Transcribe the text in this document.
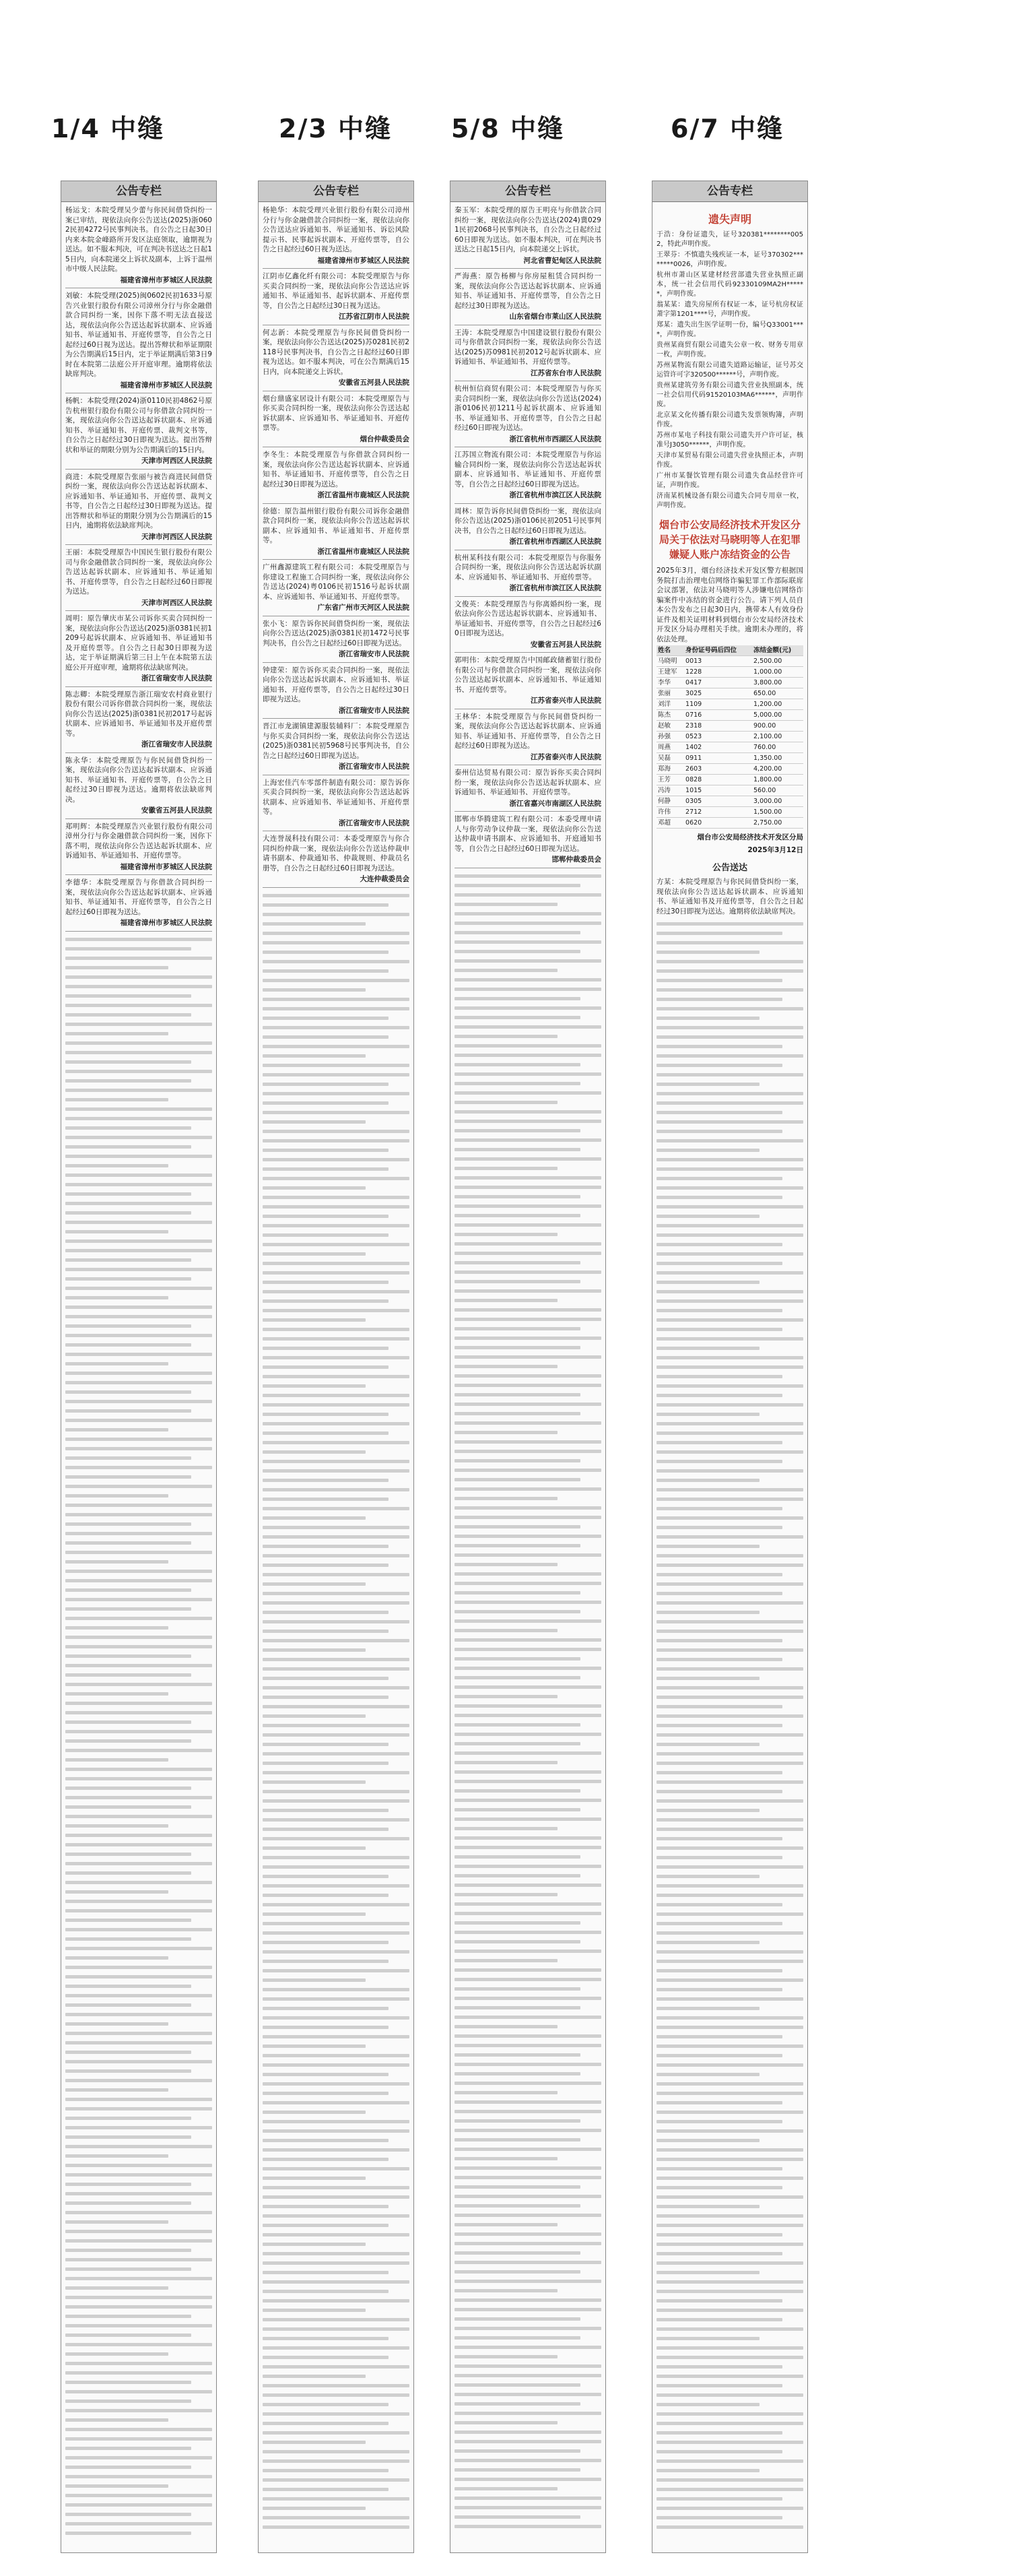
1/4 中缝	2/3 中缝	5/8 中缝	6/7 中缝
公告专栏
杨运戈：本院受理吴少蕾与你民间借贷纠纷一案已审结，现依法向你公告送达(2025)浙0602民初4272号民事判决书。自公告之日起30日内来本院金峰路所开发区法庭领取，逾期视为送达。如不服本判决，可在判决书送达之日起15日内，向本院递交上诉状及副本，上诉于温州市中级人民法院。
福建省漳州市芗城区人民法院
刘敏：本院受理(2025)闽0602民初1633号原告兴业银行股份有限公司漳州分行与你金融借款合同纠纷一案，因你下落不明无法直接送达，现依法向你公告送达起诉状副本、应诉通知书、举证通知书、开庭传票等，自公告之日起经过60日视为送达。提出答辩状和举证期限为公告期满后15日内，定于举证期满后第3日9时在本院第二法庭公开开庭审理。逾期将依法缺席判决。
福建省漳州市芗城区人民法院
杨帆：本院受理(2024)浙0110民初4862号原告杭州银行股份有限公司与你借款合同纠纷一案，现依法向你公告送达起诉状副本、应诉通知书、举证通知书、开庭传票、裁判文书等，自公告之日起经过30日即视为送达。提出答辩状和举证的期限分别为公告期满后的15日内。
天津市河西区人民法院
商进：本院受理原告张丽与被告商进民间借贷纠纷一案，现依法向你公告送达起诉状副本、应诉通知书、举证通知书、开庭传票、裁判文书等，自公告之日起经过30日即视为送达。提出答辩状和举证的期限分别为公告期满后的15日内，逾期将依法缺席判决。
天津市河西区人民法院
王丽：本院受理原告中国民生银行股份有限公司与你金融借款合同纠纷一案，现依法向你公告送达起诉状副本、应诉通知书、举证通知书、开庭传票等，自公告之日起经过60日即视为送达。
天津市河西区人民法院
周明：原告肇庆市某公司诉你买卖合同纠纷一案，现依法向你公告送达(2025)浙0381民初1209号起诉状副本、应诉通知书、举证通知书及开庭传票等。自公告之日起30日即视为送达，定于举证期满后第三日上午在本院第五法庭公开开庭审理，逾期将依法缺席判决。
浙江省瑞安市人民法院
陈志卿：本院受理原告浙江瑞安农村商业银行股份有限公司诉你借款合同纠纷一案，现依法向你公告送达(2025)浙0381民初2017号起诉状副本、应诉通知书、举证通知书及开庭传票等。
浙江省瑞安市人民法院
陈永华：本院受理原告与你民间借贷纠纷一案，现依法向你公告送达起诉状副本、应诉通知书、举证通知书、开庭传票等，自公告之日起经过30日即视为送达。逾期将依法缺席判决。
安徽省五河县人民法院
郑明辉：本院受理原告兴业银行股份有限公司漳州分行与你金融借款合同纠纷一案，因你下落不明，现依法向你公告送达起诉状副本、应诉通知书、举证通知书、开庭传票等。
福建省漳州市芗城区人民法院
李德华：本院受理原告与你借款合同纠纷一案，现依法向你公告送达起诉状副本、应诉通知书、举证通知书、开庭传票等，自公告之日起经过60日即视为送达。
福建省漳州市芗城区人民法院
公告专栏
杨艳华：本院受理兴业银行股份有限公司漳州分行与你金融借款合同纠纷一案，现依法向你公告送达应诉通知书、举证通知书、诉讼风险提示书、民事起诉状副本、开庭传票等，自公告之日起经过60日视为送达。
福建省漳州市芗城区人民法院
江阴市亿鑫化纤有限公司：本院受理原告与你买卖合同纠纷一案，现依法向你公告送达应诉通知书、举证通知书、起诉状副本、开庭传票等，自公告之日起经过30日视为送达。
江苏省江阴市人民法院
何志新：本院受理原告与你民间借贷纠纷一案，现依法向你公告送达(2025)苏0281民初2118号民事判决书，自公告之日起经过60日即视为送达。如不服本判决，可在公告期满后15日内，向本院递交上诉状。
安徽省五河县人民法院
烟台鼎盛家居设计有限公司：本院受理原告与你买卖合同纠纷一案，现依法向你公告送达起诉状副本、应诉通知书、举证通知书、开庭传票等。
烟台仲裁委员会
李冬生：本院受理原告与你借款合同纠纷一案，现依法向你公告送达起诉状副本、应诉通知书、举证通知书、开庭传票等，自公告之日起经过30日即视为送达。
浙江省温州市鹿城区人民法院
徐德：原告温州银行股份有限公司诉你金融借款合同纠纷一案，现依法向你公告送达起诉状副本、应诉通知书、举证通知书、开庭传票等。
浙江省温州市鹿城区人民法院
广州鑫源建筑工程有限公司：本院受理原告与你建设工程施工合同纠纷一案，现依法向你公告送达(2024)粤0106民初1516号起诉状副本、应诉通知书、举证通知书、开庭传票等。
广东省广州市天河区人民法院
张小飞：原告诉你民间借贷纠纷一案，现依法向你公告送达(2025)浙0381民初1472号民事判决书，自公告之日起经过60日即视为送达。
浙江省瑞安市人民法院
钟建荣：原告诉你买卖合同纠纷一案，现依法向你公告送达起诉状副本、应诉通知书、举证通知书、开庭传票等，自公告之日起经过30日即视为送达。
浙江省瑞安市人民法院
晋江市龙湖镇建源服装辅料厂：本院受理原告与你买卖合同纠纷一案，现依法向你公告送达(2025)浙0381民初5968号民事判决书，自公告之日起经过60日即视为送达。
浙江省瑞安市人民法院
上海宏佳汽车零部件制造有限公司：原告诉你买卖合同纠纷一案，现依法向你公告送达起诉状副本、应诉通知书、举证通知书、开庭传票等。
浙江省瑞安市人民法院
大连誉晟科技有限公司：本委受理原告与你合同纠纷仲裁一案，现依法向你公告送达仲裁申请书副本、仲裁通知书、仲裁规则、仲裁员名册等，自公告之日起经过60日即视为送达。
大连仲裁委员会
公告专栏
秦玉军：本院受理的原告王明亮与你借款合同纠纷一案，现依法向你公告送达(2024)冀0291民初2068号民事判决书，自公告之日起经过60日即视为送达。如不服本判决，可在判决书送达之日起15日内，向本院递交上诉状。
河北省曹妃甸区人民法院
严海燕：原告杨柳与你房屋租赁合同纠纷一案，现依法向你公告送达起诉状副本、应诉通知书、举证通知书、开庭传票等，自公告之日起经过30日即视为送达。
山东省烟台市莱山区人民法院
王涛：本院受理原告中国建设银行股份有限公司与你借款合同纠纷一案，现依法向你公告送达(2025)苏0981民初2012号起诉状副本、应诉通知书、举证通知书、开庭传票等。
江苏省东台市人民法院
杭州恒信商贸有限公司：本院受理原告与你买卖合同纠纷一案，现依法向你公告送达(2024)浙0106民初1211号起诉状副本、应诉通知书、举证通知书、开庭传票等，自公告之日起经过60日即视为送达。
浙江省杭州市西湖区人民法院
江苏国立物流有限公司：本院受理原告与你运输合同纠纷一案，现依法向你公告送达起诉状副本、应诉通知书、举证通知书、开庭传票等，自公告之日起经过60日即视为送达。
浙江省杭州市滨江区人民法院
周林：原告诉你民间借贷纠纷一案，现依法向你公告送达(2025)浙0106民初2051号民事判决书，自公告之日起经过60日即视为送达。
浙江省杭州市西湖区人民法院
杭州某科技有限公司：本院受理原告与你服务合同纠纷一案，现依法向你公告送达起诉状副本、应诉通知书、举证通知书、开庭传票等。
浙江省杭州市滨江区人民法院
文俊英：本院受理原告与你离婚纠纷一案，现依法向你公告送达起诉状副本、应诉通知书、举证通知书、开庭传票等，自公告之日起经过60日即视为送达。
安徽省五河县人民法院
郭明伟：本院受理原告中国邮政储蓄银行股份有限公司与你借款合同纠纷一案，现依法向你公告送达起诉状副本、应诉通知书、举证通知书、开庭传票等。
江苏省泰兴市人民法院
王林华：本院受理原告与你民间借贷纠纷一案，现依法向你公告送达起诉状副本、应诉通知书、举证通知书、开庭传票等，自公告之日起经过60日即视为送达。
江苏省泰兴市人民法院
泰州信达贸易有限公司：原告诉你买卖合同纠纷一案，现依法向你公告送达起诉状副本、应诉通知书、举证通知书、开庭传票等。
浙江省嘉兴市南湖区人民法院
邯郸市华腾建筑工程有限公司：本委受理申请人与你劳动争议仲裁一案，现依法向你公告送达仲裁申请书副本、应诉通知书、开庭通知书等，自公告之日起经过60日即视为送达。
邯郸仲裁委员会
公告专栏
遗失声明
于浩：身份证遗失，证号320381********0052，特此声明作废。
王翠芬：不慎遗失残疾证一本，证号370302********0026，声明作废。
杭州市萧山区某建材经营部遗失营业执照正副本，统一社会信用代码92330109MA2H******，声明作废。
翁某某：遗失房屋所有权证一本，证号杭房权证萧字第1201****号，声明作废。
郑某：遗失出生医学证明一份，编号Q33001****，声明作废。
贵州某商贸有限公司遗失公章一枚、财务专用章一枚，声明作废。
苏州某物流有限公司遗失道路运输证，证号苏交运管许可字320500******号，声明作废。
贵州某建筑劳务有限公司遗失营业执照副本，统一社会信用代码91520103MA6******，声明作废。
北京某文化传播有限公司遗失发票领购簿，声明作废。
苏州市某电子科技有限公司遗失开户许可证，核准号J3050******，声明作废。
天津市某贸易有限公司遗失营业执照正本，声明作废。
广州市某餐饮管理有限公司遗失食品经营许可证，声明作废。
济南某机械设备有限公司遗失合同专用章一枚，声明作废。
烟台市公安局经济技术开发区分局关于依法对马晓明等人在犯罪嫌疑人账户冻结资金的公告
2025年3月，烟台经济技术开发区警方根据国务院打击治理电信网络诈骗犯罪工作部际联席会议部署，依法对马晓明等人涉嫌电信网络诈骗案件中冻结的资金进行公告。请下列人员自本公告发布之日起30日内，携带本人有效身份证件及相关证明材料到烟台市公安局经济技术开发区分局办理相关手续。逾期未办理的，将依法处理。
姓名	身份证号码后四位	冻结金额(元)
马晓明	0013	2,500.00
王建军	1228	1,000.00
李华	0417	3,800.00
张丽	3025	650.00
刘洋	1109	1,200.00
陈杰	0716	5,000.00
赵敏	2318	900.00
孙强	0523	2,100.00
周燕	1402	760.00
吴磊	0911	1,350.00
郑海	2603	4,200.00
王芳	0828	1,800.00
冯涛	1015	560.00
何静	0305	3,000.00
许伟	2712	1,500.00
邓超	0620	2,750.00
烟台市公安局经济技术开发区分局
2025年3月12日
公告送达
方某：本院受理原告与你民间借贷纠纷一案，现依法向你公告送达起诉状副本、应诉通知书、举证通知书及开庭传票等，自公告之日起经过30日即视为送达。逾期将依法缺席判决。
